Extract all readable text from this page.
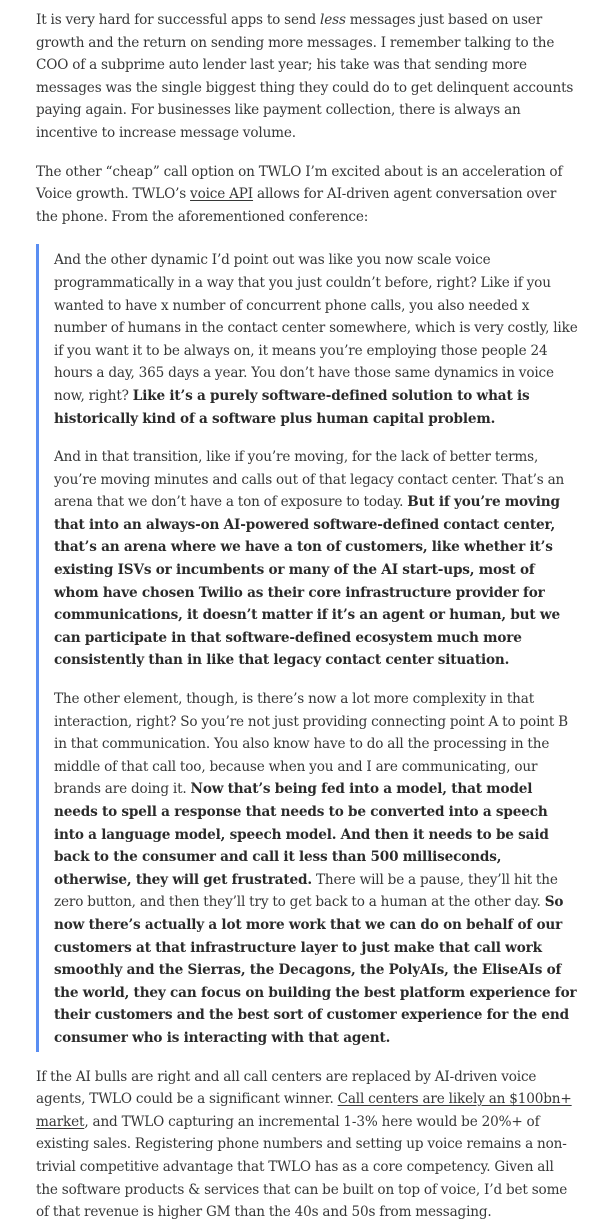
It is very hard for successful apps to send less messages just based on user growth and the return on sending more messages. I remember talking to the COO of a subprime auto lender last year; his take was that sending more messages was the single biggest thing they could do to get delinquent accounts paying again. For businesses like payment collection, there is always an incentive to increase message volume.

The other “cheap” call option on TWLO I’m excited about is an acceleration of Voice growth. TWLO’s voice API allows for AI-driven agent conversation over the phone. From the aforementioned conference:

And the other dynamic I’d point out was like you now scale voice programmatically in a way that you just couldn’t before, right? Like if you wanted to have x number of concurrent phone calls, you also needed x number of humans in the contact center somewhere, which is very costly, like if you want it to be always on, it means you’re employing those people 24 hours a day, 365 days a year. You don’t have those same dynamics in voice now, right? Like it’s a purely software-defined solution to what is historically kind of a software plus human capital problem.

And in that transition, like if you’re moving, for the lack of better terms, you’re moving minutes and calls out of that legacy contact center. That’s an arena that we don’t have a ton of exposure to today. But if you’re moving that into an always-on AI-powered software-defined contact center, that’s an arena where we have a ton of customers, like whether it’s existing ISVs or incumbents or many of the AI start-ups, most of whom have chosen Twilio as their core infrastructure provider for communications, it doesn’t matter if it’s an agent or human, but we can participate in that software-defined ecosystem much more consistently than in like that legacy contact center situation.

The other element, though, is there’s now a lot more complexity in that interaction, right? So you’re not just providing connecting point A to point B in that communication. You also know have to do all the processing in the middle of that call too, because when you and I are communicating, our brands are doing it. Now that’s being fed into a model, that model needs to spell a response that needs to be converted into a speech into a language model, speech model. And then it needs to be said back to the consumer and call it less than 500 milliseconds, otherwise, they will get frustrated. There will be a pause, they’ll hit the zero button, and then they’ll try to get back to a human at the other day. So now there’s actually a lot more work that we can do on behalf of our customers at that infrastructure layer to just make that call work smoothly and the Sierras, the Decagons, the PolyAIs, the EliseAIs of the world, they can focus on building the best platform experience for their customers and the best sort of customer experience for the end consumer who is interacting with that agent.

If the AI bulls are right and all call centers are replaced by AI-driven voice agents, TWLO could be a significant winner. Call centers are likely an $100bn+ market, and TWLO capturing an incremental 1-3% here would be 20%+ of existing sales. Registering phone numbers and setting up voice remains a non-trivial competitive advantage that TWLO has as a core competency. Given all the software products & services that can be built on top of voice, I’d bet some of that revenue is higher GM than the 40s and 50s from messaging.
